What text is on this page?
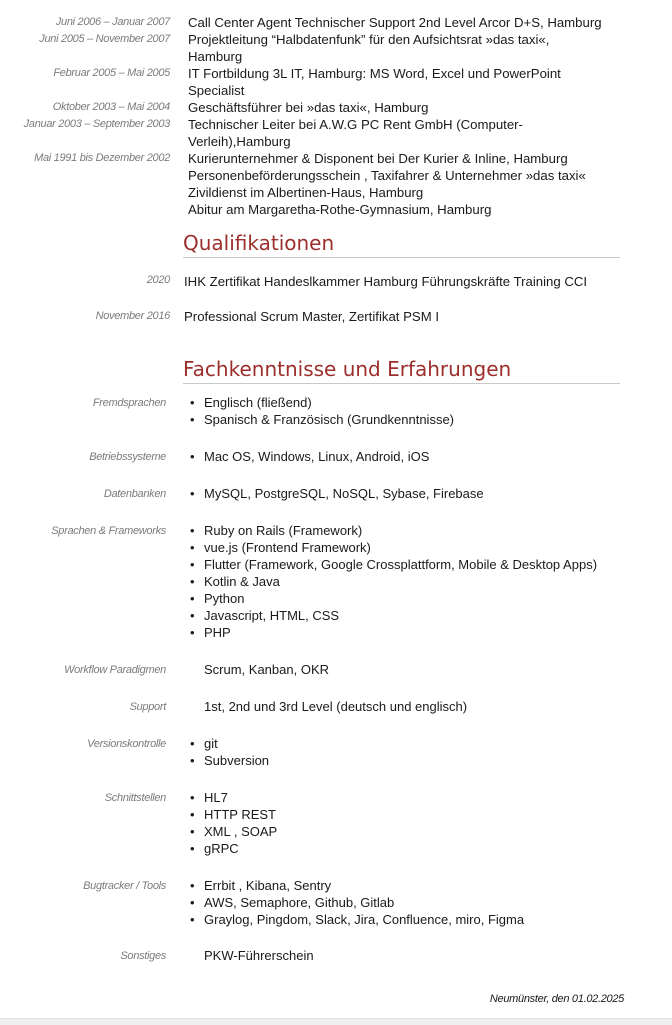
Juni 2006 – Januar 2007 Call Center Agent Technischer Support 2nd Level Arcor D+S, Hamburg
Juni 2005 – November 2007 Projektleitung “Halbdatenfunk” für den Aufsichtsrat »das taxi«,
Hamburg
Februar 2005 – Mai 2005 IT Fortbildung 3L IT, Hamburg: MS Word, Excel und PowerPoint
Specialist
Oktober 2003 – Mai 2004 Geschäftsführer bei »das taxi«, Hamburg
Januar 2003 – September 2003 Technischer Leiter bei A.W.G PC Rent GmbH (Computer-
Verleih),Hamburg
Mai 1991 bis Dezember 2002 Kurierunternehmer & Disponent bei Der Kurier & Inline, Hamburg
Personenbeförderungsschein , Taxifahrer & Unternehmer »das taxi«
Zivildienst im Albertinen-Haus, Hamburg
Abitur am Margaretha-Rothe-Gymnasium, Hamburg
Qualifikationen
2020 IHK Zertifikat Handeslkammer Hamburg Führungskräfte Training CCI
November 2016 Professional Scrum Master, Zertifikat PSM I
Fachkenntnisse und Erfahrungen
Fremdsprachen	• Englisch (fließend)
• Spanisch & Französisch (Grundkenntnisse)
Betriebssysteme	• Mac OS, Windows, Linux, Android, iOS
Datenbanken	• MySQL, PostgreSQL, NoSQL, Sybase, Firebase
Sprachen & Frameworks	• Ruby on Rails (Framework)
• vue.js (Frontend Framework)
• Flutter (Framework, Google Crossplattform, Mobile & Desktop Apps)
• Kotlin & Java
• Python
• Javascript, HTML, CSS
• PHP
Workflow Paradigmen	Scrum, Kanban, OKR
Support	1st, 2nd und 3rd Level (deutsch und englisch)
Versionskontrolle	• git
• Subversion
Schnittstellen	• HL7
• HTTP REST
• XML , SOAP
• gRPC
Bugtracker / Tools	• Errbit , Kibana, Sentry
• AWS, Semaphore, Github, Gitlab
• Graylog, Pingdom, Slack, Jira, Confluence, miro, Figma
Sonstiges	PKW-Führerschein
Neumünster, den 01.02.2025
